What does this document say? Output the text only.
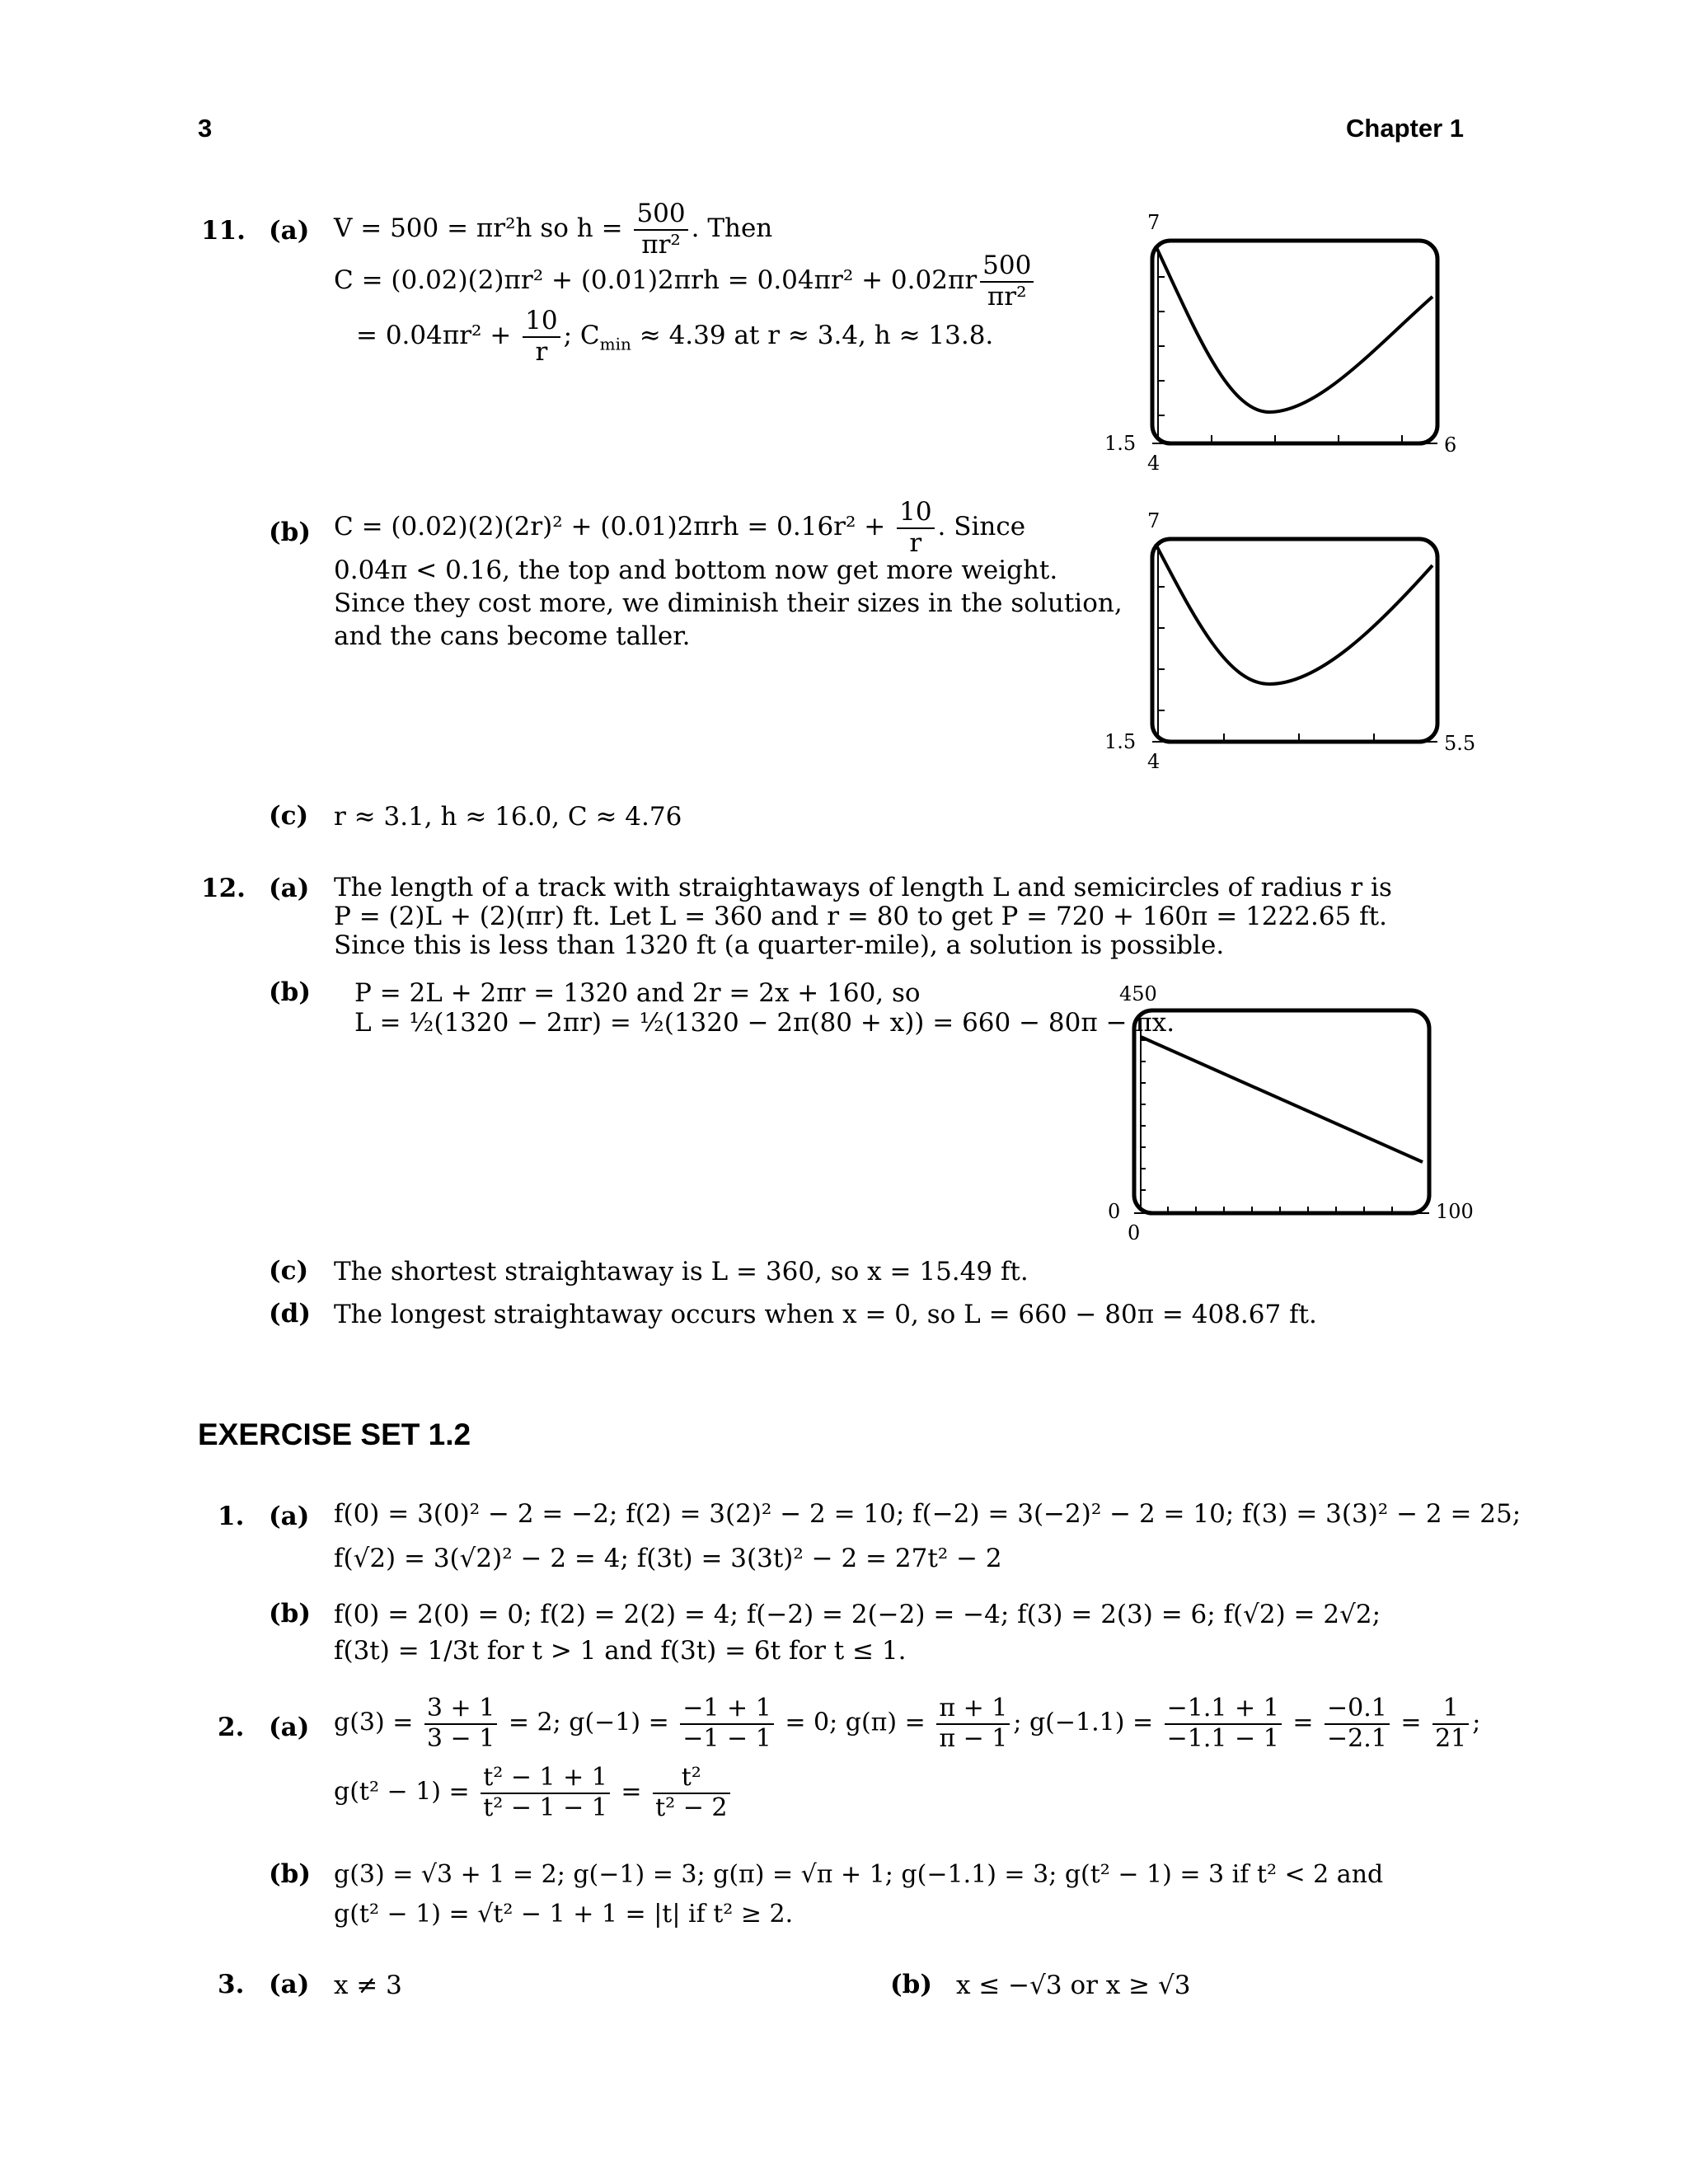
3	Chapter 1
11. (a) V = 500 = πr²h so $h = \frac{500}{\text{πr²}}$ . Then
$C = (0.02)(2)\pi r^2 + (0.01)2\pi rh = 0.04\pi r^2 + 0.02\pi r \frac{500}{\text{πr²}}$
= $0.04\pi r^2 + \frac{10}{r}$ ; $C_{min} \approx 4.39$ at r ≈ 3.4, h ≈ 13.8.
(b) $C = (0.02)(2)(2r)^2 + (0.01)2\pi rh = 0.16r^2 + \frac{10}{r}$ . Since
0.04π < 0.16, the top and bottom now get more weight.
Since they cost more, we diminish their sizes in the solution,
and the cans become taller.
(c) r ≈ 3.1, h ≈ 16.0, C ≈ 4.76
7
1.5
4
6
7
1.5
4
5.5
12. (a) The length of a track with straightaways of length L and semicircles of radius r is
P = (2)L + (2)(πr) ft. Let L = 360 and r = 80 to get P = 720 + 160π = 1222.65 ft.
Since this is less than 1320 ft (a quarter-mile), a solution is possible.
(b) P = 2L + 2πr = 1320 and 2r = 2x + 160, so
L = ½(1320 − 2πr) = ½(1320 − 2π(80 + x)) = 660 − 80π − πx.
450
0
0
100
(c) The shortest straightaway is L = 360, so x = 15.49 ft.
(d) The longest straightaway occurs when x = 0, so L = 660 − 80π = 408.67 ft.
EXERCISE SET 1.2
1. (a) f(0) = 3(0)² − 2 = −2; f(2) = 3(2)² − 2 = 10; f(−2) = 3(−2)² − 2 = 10; f(3) = 3(3)² − 2 = 25;
f(√2) = 3(√2)² − 2 = 4; f(3t) = 3(3t)² − 2 = 27t² − 2
(b) f(0) = 2(0) = 0; f(2) = 2(2) = 4; f(−2) = 2(−2) = −4; f(3) = 2(3) = 6; f(√2) = 2√2;
f(3t) = 1/3t for t > 1 and f(3t) = 6t for t ≤ 1.
2. (a) $g(3) = \frac{3 + 1}{3 - 1} = 2$; $g(-1) = \frac{-1 + 1}{-1 - 1} = 0$; $g(\pi) = \frac{\pi + 1}{\pi - 1}$ ; $g(-1.1) = \frac{-1.1 + 1}{-1.1 - 1} = \frac{-0.1}{-2.1} = \frac{1}{21}$ ;
$g(t^2 - 1) = \frac{\text{t² − 1 + 1}}{\text{t² − 1 − 1}} = \frac{\text{t²}}{\text{t² − 2}}$
(b) g(3) = √3 + 1 = 2; g(−1) = 3; g(π) = √π + 1; g(−1.1) = 3; g(t² − 1) = 3 if t² < 2 and
g(t² − 1) = √t² − 1 + 1 = |t| if t² ≥ 2.
3. (a) x ≠ 3	(b) x ≤ −√3 or x ≥ √3
